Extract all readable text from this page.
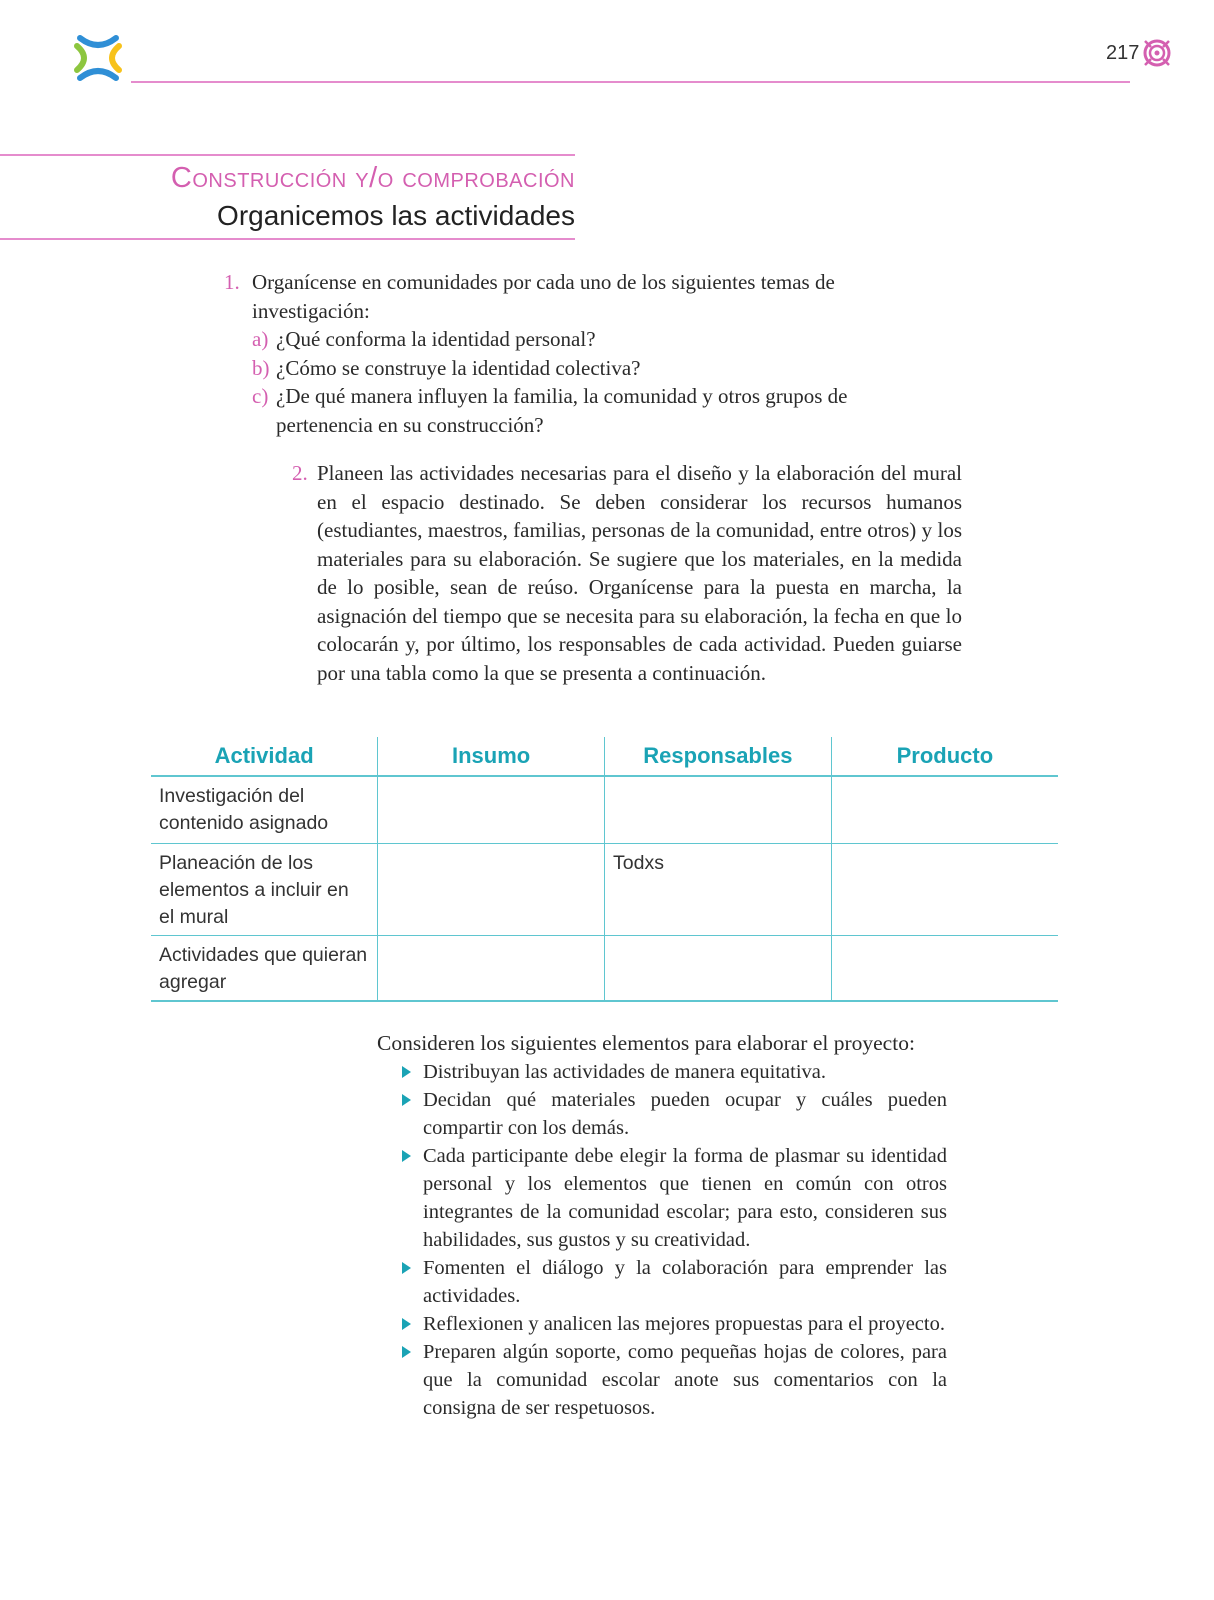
217
Construcción y/o comprobación
Organicemos las actividades
1. Organícense en comunidades por cada uno de los siguientes temas de investigación:
a) ¿Qué conforma la identidad personal?
b) ¿Cómo se construye la identidad colectiva?
c) ¿De qué manera influyen la familia, la comunidad y otros grupos de pertenencia en su construcción?
2. Planeen las actividades necesarias para el diseño y la elaboración del mural en el espacio destinado. Se deben considerar los recursos humanos (estudiantes, maestros, familias, personas de la comunidad, entre otros) y los materiales para su elaboración. Se sugiere que los materiales, en la medida de lo posible, sean de reúso. Organícense para la puesta en marcha, la asignación del tiempo que se necesita para su elaboración, la fecha en que lo colocarán y, por último, los responsables de cada actividad. Pueden guiarse por una tabla como la que se presenta a continuación.
Actividad	Insumo	Responsables	Producto
Investigación del contenido asignado			
Planeación de los elementos a incluir en el mural		Todxs	
Actividades que quieran agregar			
Consideren los siguientes elementos para elaborar el proyecto:
Distribuyan las actividades de manera equitativa.
Decidan qué materiales pueden ocupar y cuáles pueden compartir con los demás.
Cada participante debe elegir la forma de plasmar su identidad personal y los elementos que tienen en común con otros integrantes de la comunidad escolar; para esto, consideren sus habilidades, sus gustos y su creatividad.
Fomenten el diálogo y la colaboración para emprender las actividades.
Reflexionen y analicen las mejores propuestas para el proyecto.
Preparen algún soporte, como pequeñas hojas de colores, para que la comunidad escolar anote sus comentarios con la consigna de ser respetuosos.
